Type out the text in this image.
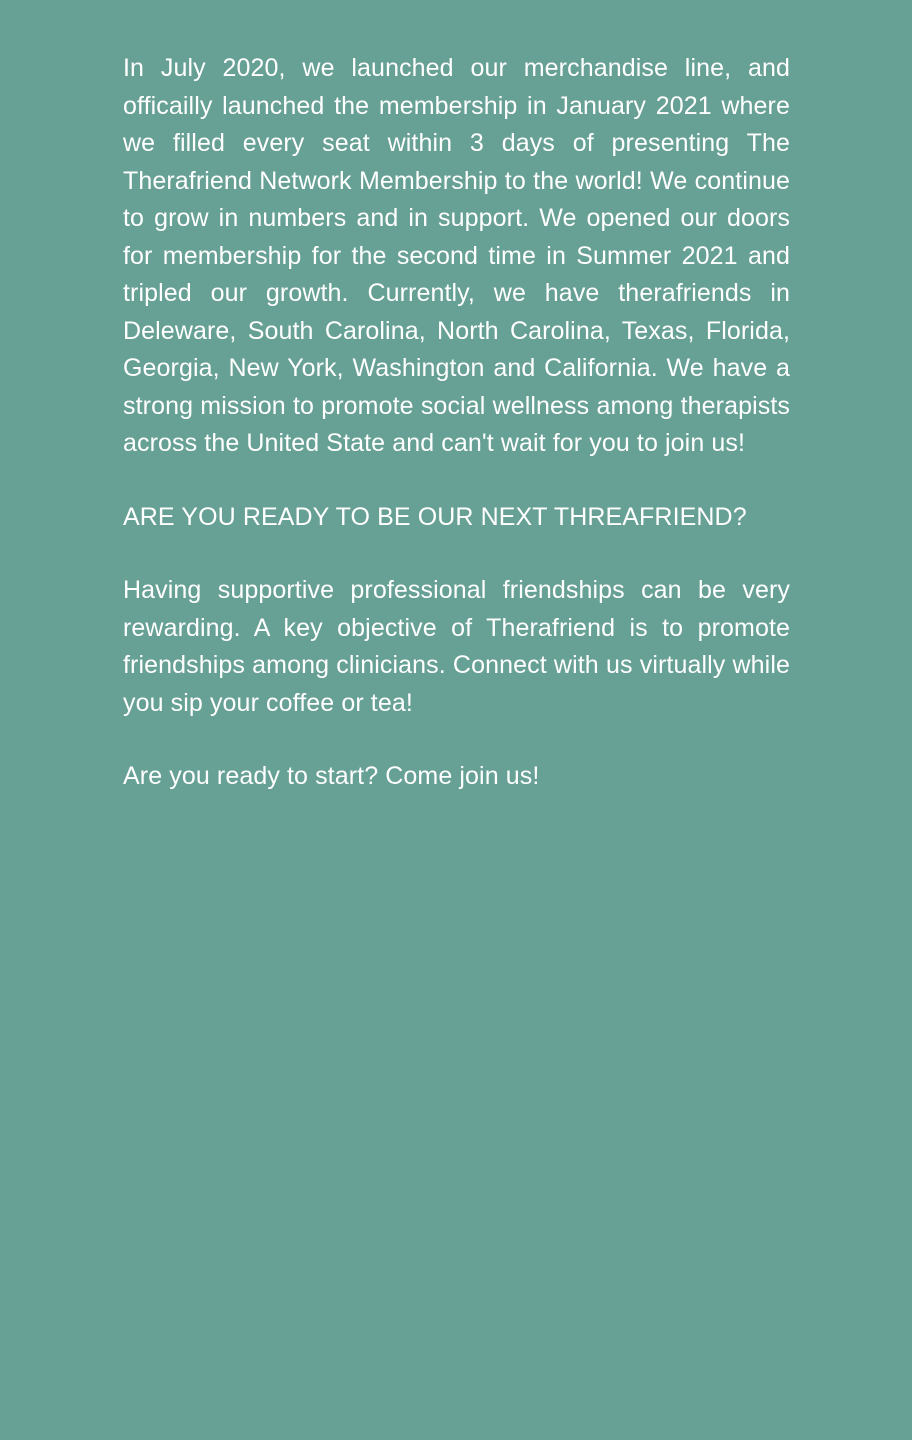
In July 2020, we launched our merchandise line, and officailly launched the membership in January 2021 where we filled every seat within 3 days of presenting The Therafriend Network Membership to the world! We continue to grow in numbers and in support. We opened our doors for membership for the second time in Summer 2021 and tripled our growth. Currently, we have therafriends in Deleware, South Carolina, North Carolina, Texas, Florida, Georgia, New York, Washington and California. We have a strong mission to promote social wellness among therapists across the United State and can't wait for you to join us!

ARE YOU READY TO BE OUR NEXT THREAFRIEND?

Having supportive professional friendships can be very rewarding. A key objective of Therafriend is to promote friendships among clinicians. Connect with us virtually while you sip your coffee or tea!

Are you ready to start? Come join us!
